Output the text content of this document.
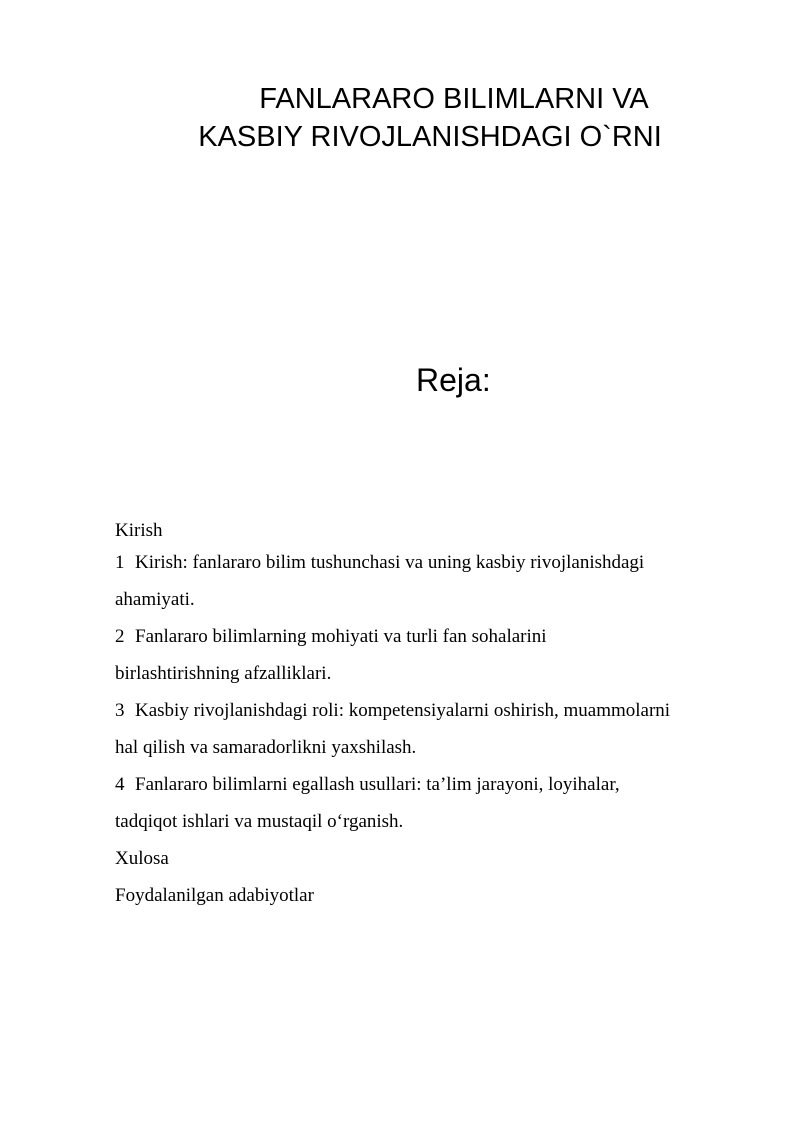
FANLARARO BILIMLARNI VA
KASBIY RIVOJLANISHDAGI O`RNI
Reja:

Kirish

1 Kirish: fanlararo bilim tushunchasi va uning kasbiy rivojlanishdagi

ahamiyati.

2 Fanlararo bilimlarning mohiyati va turli fan sohalarini

birlashtirishning afzalliklari.

3 Kasbiy rivojlanishdagi roli: kompetensiyalarni oshirish, muammolarni

hal qilish va samaradorlikni yaxshilash.

4 Fanlararo bilimlarni egallash usullari: ta’lim jarayoni, loyihalar,

tadqiqot ishlari va mustaqil o‘rganish.

Xulosa

Foydalanilgan adabiyotlar
